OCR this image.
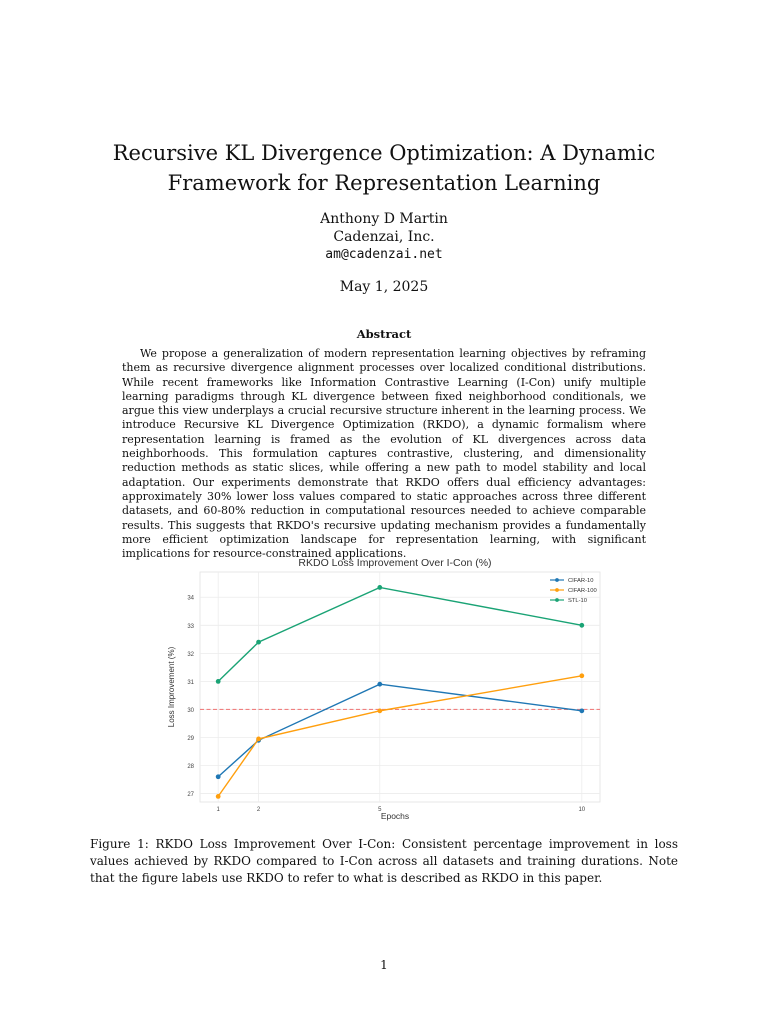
Recursive KL Divergence Optimization: A Dynamic Framework for Representation Learning
Anthony D Martin
Cadenzai, Inc.
am@cadenzai.net
May 1, 2025
Abstract

We propose a generalization of modern representation learning objectives by reframing them as recursive divergence alignment processes over localized conditional distributions. While recent frameworks like Information Contrastive Learning (I-Con) unify multiple learning paradigms through KL divergence between fixed neighborhood conditionals, we argue this view underplays a crucial recursive structure inherent in the learning process. We introduce Recursive KL Divergence Optimization (RKDO), a dynamic formalism where representation learning is framed as the evolution of KL divergences across data neighborhoods. This formulation captures contrastive, clustering, and dimensionality reduction methods as static slices, while offering a new path to model stability and local adaptation. Our experiments demonstrate that RKDO offers dual efficiency advantages: approximately 30% lower loss values compared to static approaches across three different datasets, and 60-80% reduction in computational resources needed to achieve comparable results. This suggests that RKDO's recursive updating mechanism provides a fundamentally more efficient optimization landscape for representation learning, with significant implications for resource-constrained applications.

RKDO Loss Improvement Over I-Con (%)
27
28
29
30
31
32
33
34
1	2	5	10
Epochs
Loss Improvement (%)
CIFAR-10
CIFAR-100
STL-10

Figure 1: RKDO Loss Improvement Over I-Con: Consistent percentage improvement in loss values achieved by RKDO compared to I-Con across all datasets and training durations. Note that the figure labels use RKDO to refer to what is described as RKDO in this paper.

1
